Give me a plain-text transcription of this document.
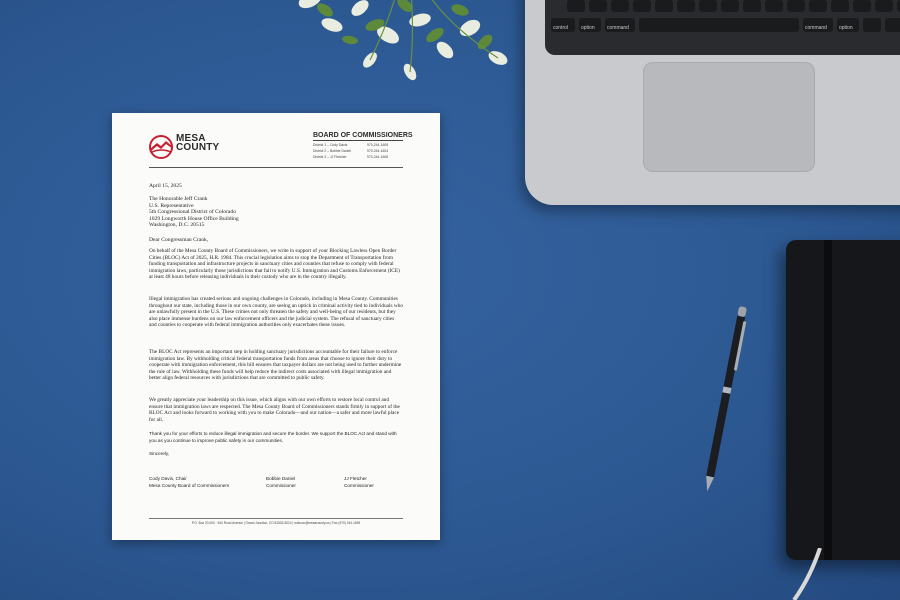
control	option command	command option
MESA
COUNTY
BOARD OF COMMISSIONERS
District 1 – Cody Davis	970-244-1605
District 2 – Bobbie Daniel	970-244-1604
District 3 – JJ Fletcher	970-244-1606
April 15, 2025
The Honorable Jeff Crank
U.S. Representative
5th Congressional District of Colorado
1029 Longworth House Office Building
Washington, D.C. 20515
Dear Congressman Crank,
On behalf of the Mesa County Board of Commissioners, we write in support of your Blocking Lawless Open Border Cities (BLOC) Act of 2025, H.R. 1984. This crucial legislation aims to stop the Department of Transportation from funding transportation and infrastructure projects in sanctuary cities and counties that refuse to comply with federal immigration laws, particularly those jurisdictions that fail to notify U.S. Immigration and Customs Enforcement (ICE) at least 48 hours before releasing individuals in their custody who are in the country illegally.
Illegal immigration has created serious and ongoing challenges in Colorado, including in Mesa County. Communities throughout our state, including those in our own county, are seeing an uptick in criminal activity tied to individuals who are unlawfully present in the U.S. These crimes not only threaten the safety and well-being of our residents, but they also place immense burdens on our law enforcement officers and the judicial system. The refusal of sanctuary cities and counties to cooperate with federal immigration authorities only exacerbates these issues.
The BLOC Act represents an important step in holding sanctuary jurisdictions accountable for their failure to enforce immigration law. By withholding critical federal transportation funds from areas that choose to ignore their duty to cooperate with immigration enforcement, this bill ensures that taxpayer dollars are not being used to further undermine the rule of law. Withholding these funds will help reduce the indirect costs associated with illegal immigration and better align federal resources with jurisdictions that are committed to public safety.
We greatly appreciate your leadership on this issue, which aligns with our own efforts to restore local control and ensure that immigration laws are respected. The Mesa County Board of Commissioners stands firmly in support of the BLOC Act and looks forward to working with you to make Colorado—and our nation—a safer and more lawful place for all.
Thank you for your efforts to reduce illegal immigration and secure the border. We support the BLOC Act and stand with you as you continue to improve public safety in our communities.
Sincerely,
Cody Davis, Chair
Mesa County Board of Commissioners
Bobbie Daniel
Commissioner
JJ Fletcher
Commissioner
P.O. Box 20,000 · 544 Rood Avenue | Grand Junction, CO 81502-5010 | mcbocc@mesacounty.us | Fax (970) 244-1639
